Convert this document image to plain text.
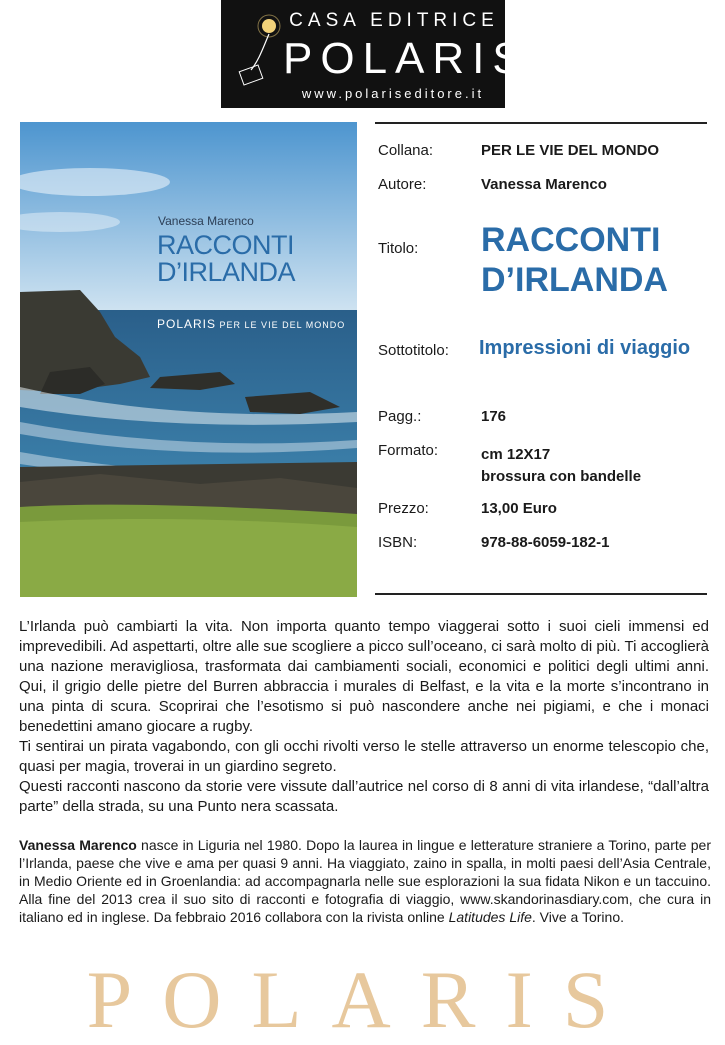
CASA EDITRICE
POLARIS
www.polariseditore.it
Vanessa Marenco
RACCONTI
D’IRLANDA
POLARIS PER LE VIE DEL MONDO
Collana:	PER LE VIE DEL MONDO
Autore:	Vanessa Marenco
Titolo: RACCONTI
D’IRLANDA
Sottotitolo: Impressioni di viaggio
Pagg.:	176
Formato:	cm 12X17
brossura con bandelle
Prezzo:	13,00 Euro
ISBN:	978-88-6059-182-1

L’Irlanda può cambiarti la vita. Non importa quanto tempo viaggerai sotto i suoi cieli immensi ed imprevedibili. Ad aspettarti, oltre alle sue scogliere a picco sull’oceano, ci sarà molto di più. Ti accoglierà una nazione meravigliosa, trasformata dai cambiamenti sociali, economici e politici degli ultimi anni. Qui, il grigio delle pietre del Burren abbraccia i murales di Belfast, e la vita e la morte s’incontrano in una pinta di scura. Scoprirai che l’esotismo si può nascondere anche nei pigiami, e che i monaci benedettini amano giocare a rugby.

Ti sentirai un pirata vagabondo, con gli occhi rivolti verso le stelle attraverso un enorme telescopio che, quasi per magia, troverai in un giardino segreto.

Questi racconti nascono da storie vere vissute dall’autrice nel corso di 8 anni di vita irlandese, “dall’altra parte” della strada, su una Punto nera scassata.

Vanessa Marenco nasce in Liguria nel 1980. Dopo la laurea in lingue e letterature straniere a Torino, parte per l’Irlanda, paese che vive e ama per quasi 9 anni. Ha viaggiato, zaino in spalla, in molti paesi dell’Asia Centrale, in Medio Oriente ed in Groenlandia: ad accompagnarla nelle sue esplorazioni la sua fidata Nikon e un taccuino. Alla fine del 2013 crea il suo sito di racconti e fotografia di viaggio, www.skandorinasdiary.com, che cura in italiano ed in inglese. Da febbraio 2016 collabora con la rivista online Latitudes Life. Vive a Torino.
POLARIS
